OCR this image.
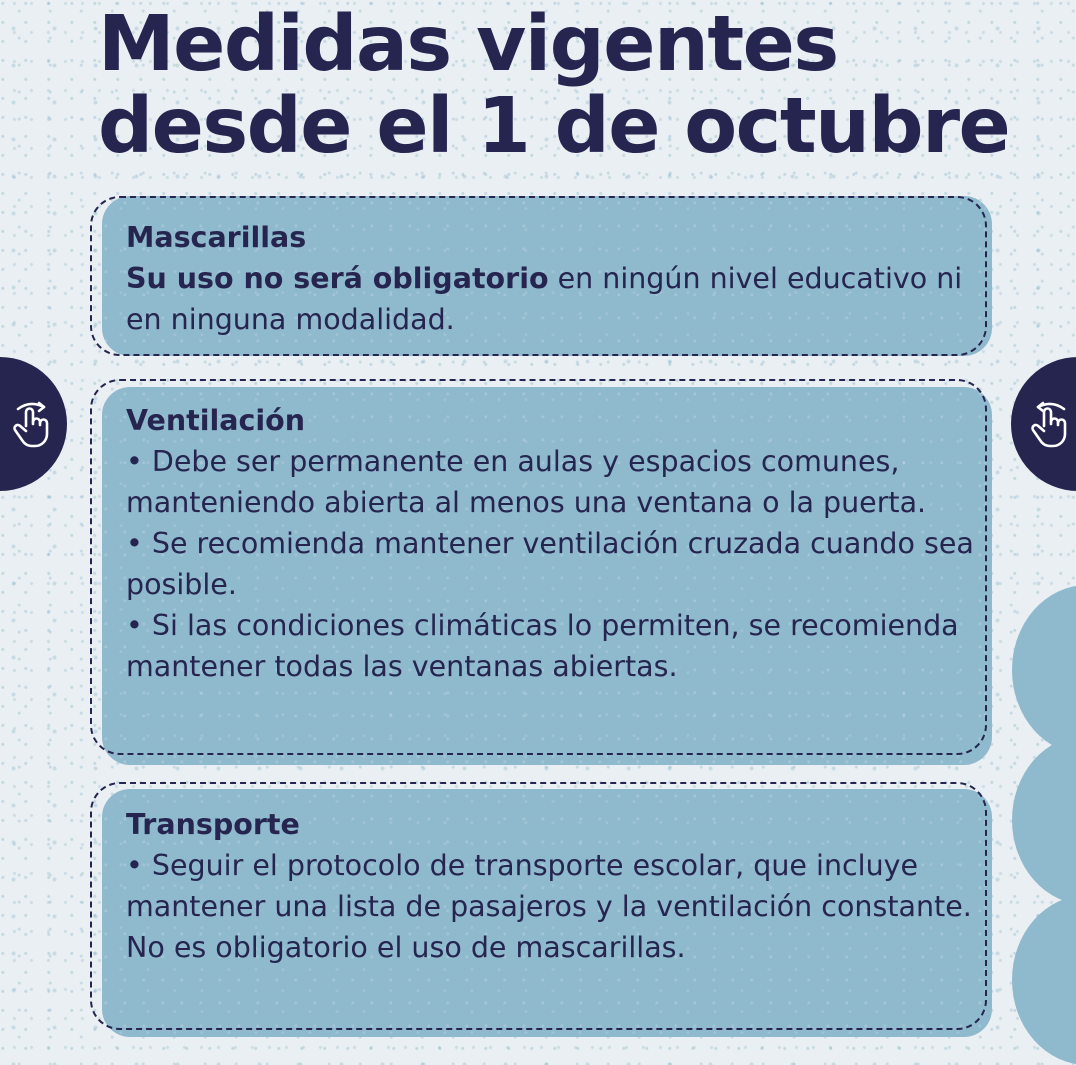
Medidas vigentes
desde el 1 de octubre
Mascarillas

Su uso no será obligatorio en ningún nivel educativo ni en ninguna modalidad.

Ventilación
• Debe ser permanente en aulas y espacios comunes, manteniendo abierta al menos una ventana o la puerta.
• Se recomienda mantener ventilación cruzada cuando sea posible.
• Si las condiciones climáticas lo permiten, se recomienda mantener todas las ventanas abiertas.
Transporte
• Seguir el protocolo de transporte escolar, que incluye mantener una lista de pasajeros y la ventilación constante. No es obligatorio el uso de mascarillas.
